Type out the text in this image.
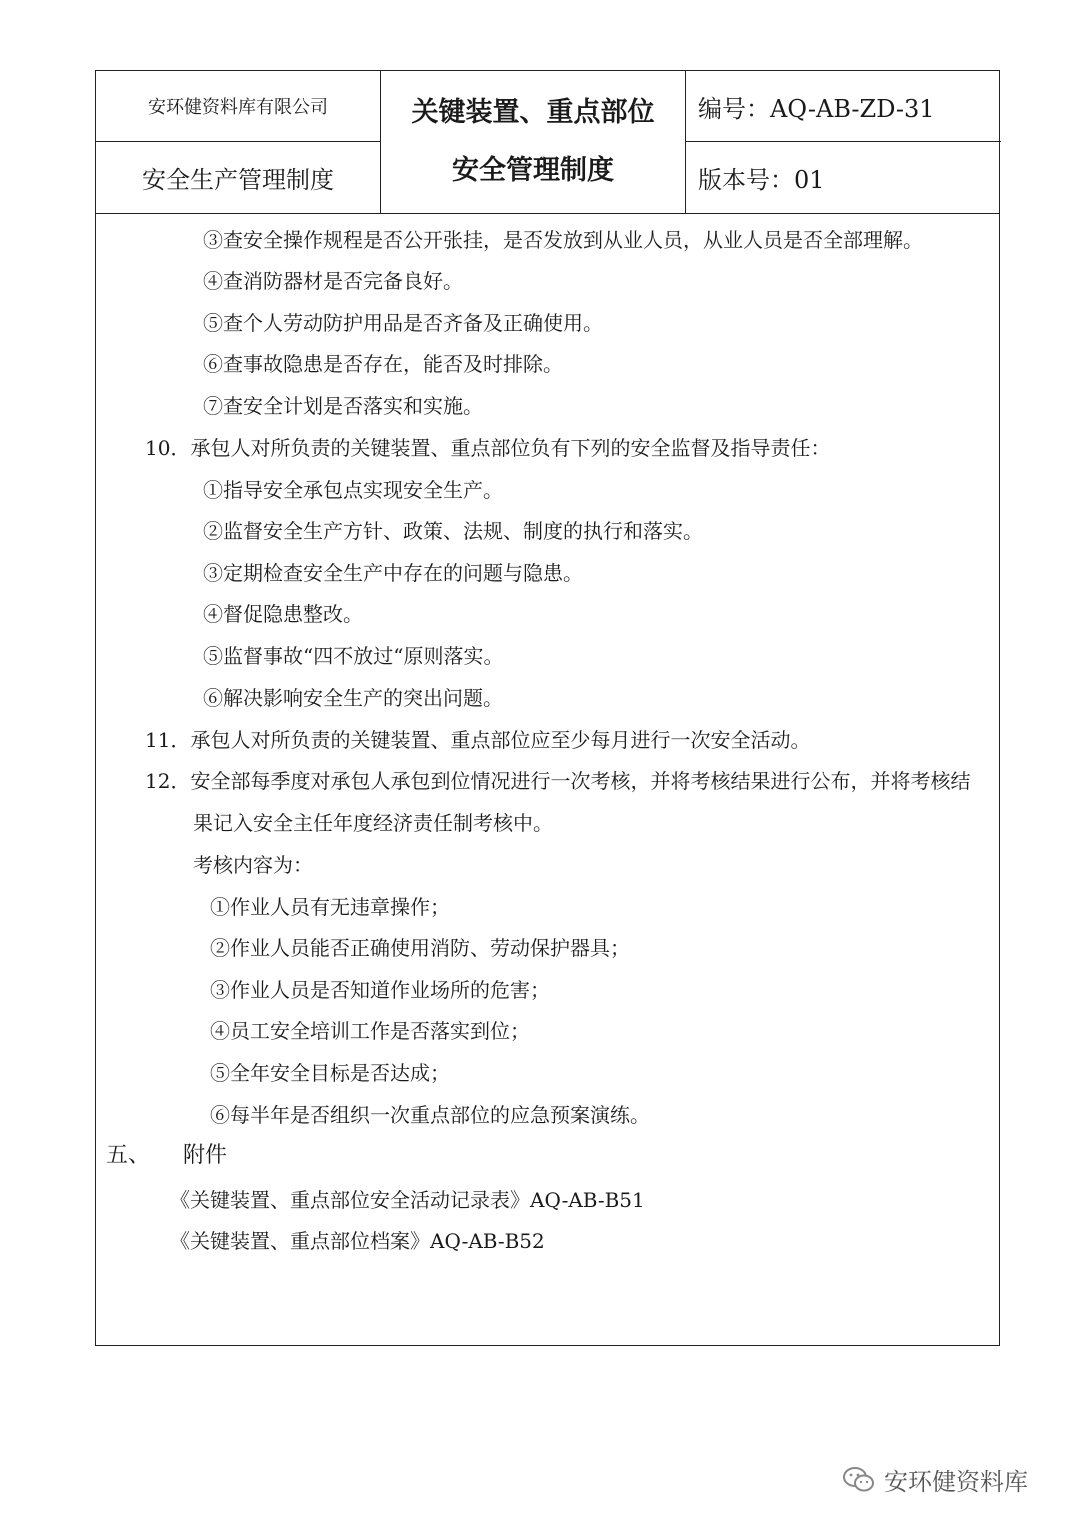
安环健资料库有限公司
安全生产管理制度
关键装置、重点部位
安全管理制度
编号：AQ-AB-ZD-31
版本号：01
③查安全操作规程是否公开张挂，是否发放到从业人员，从业人员是否全部理解。
④查消防器材是否完备良好。
⑤查个人劳动防护用品是否齐备及正确使用。
⑥查事故隐患是否存在，能否及时排除。
⑦查安全计划是否落实和实施。
10．承包人对所负责的关键装置、重点部位负有下列的安全监督及指导责任：
①指导安全承包点实现安全生产。
②监督安全生产方针、政策、法规、制度的执行和落实。
③定期检查安全生产中存在的问题与隐患。
④督促隐患整改。
⑤监督事故“四不放过“原则落实。
⑥解决影响安全生产的突出问题。
11．承包人对所负责的关键装置、重点部位应至少每月进行一次安全活动。
12．安全部每季度对承包人承包到位情况进行一次考核，并将考核结果进行公布，并将考核结
果记入安全主任年度经济责任制考核中。
考核内容为：
①作业人员有无违章操作；
②作业人员能否正确使用消防、劳动保护器具；
③作业人员是否知道作业场所的危害；
④员工安全培训工作是否落实到位；
⑤全年安全目标是否达成；
⑥每半年是否组织一次重点部位的应急预案演练。
五、 附件
《关键装置、重点部位安全活动记录表》AQ-AB-B51
《关键装置、重点部位档案》AQ-AB-B52
安环健资料库
